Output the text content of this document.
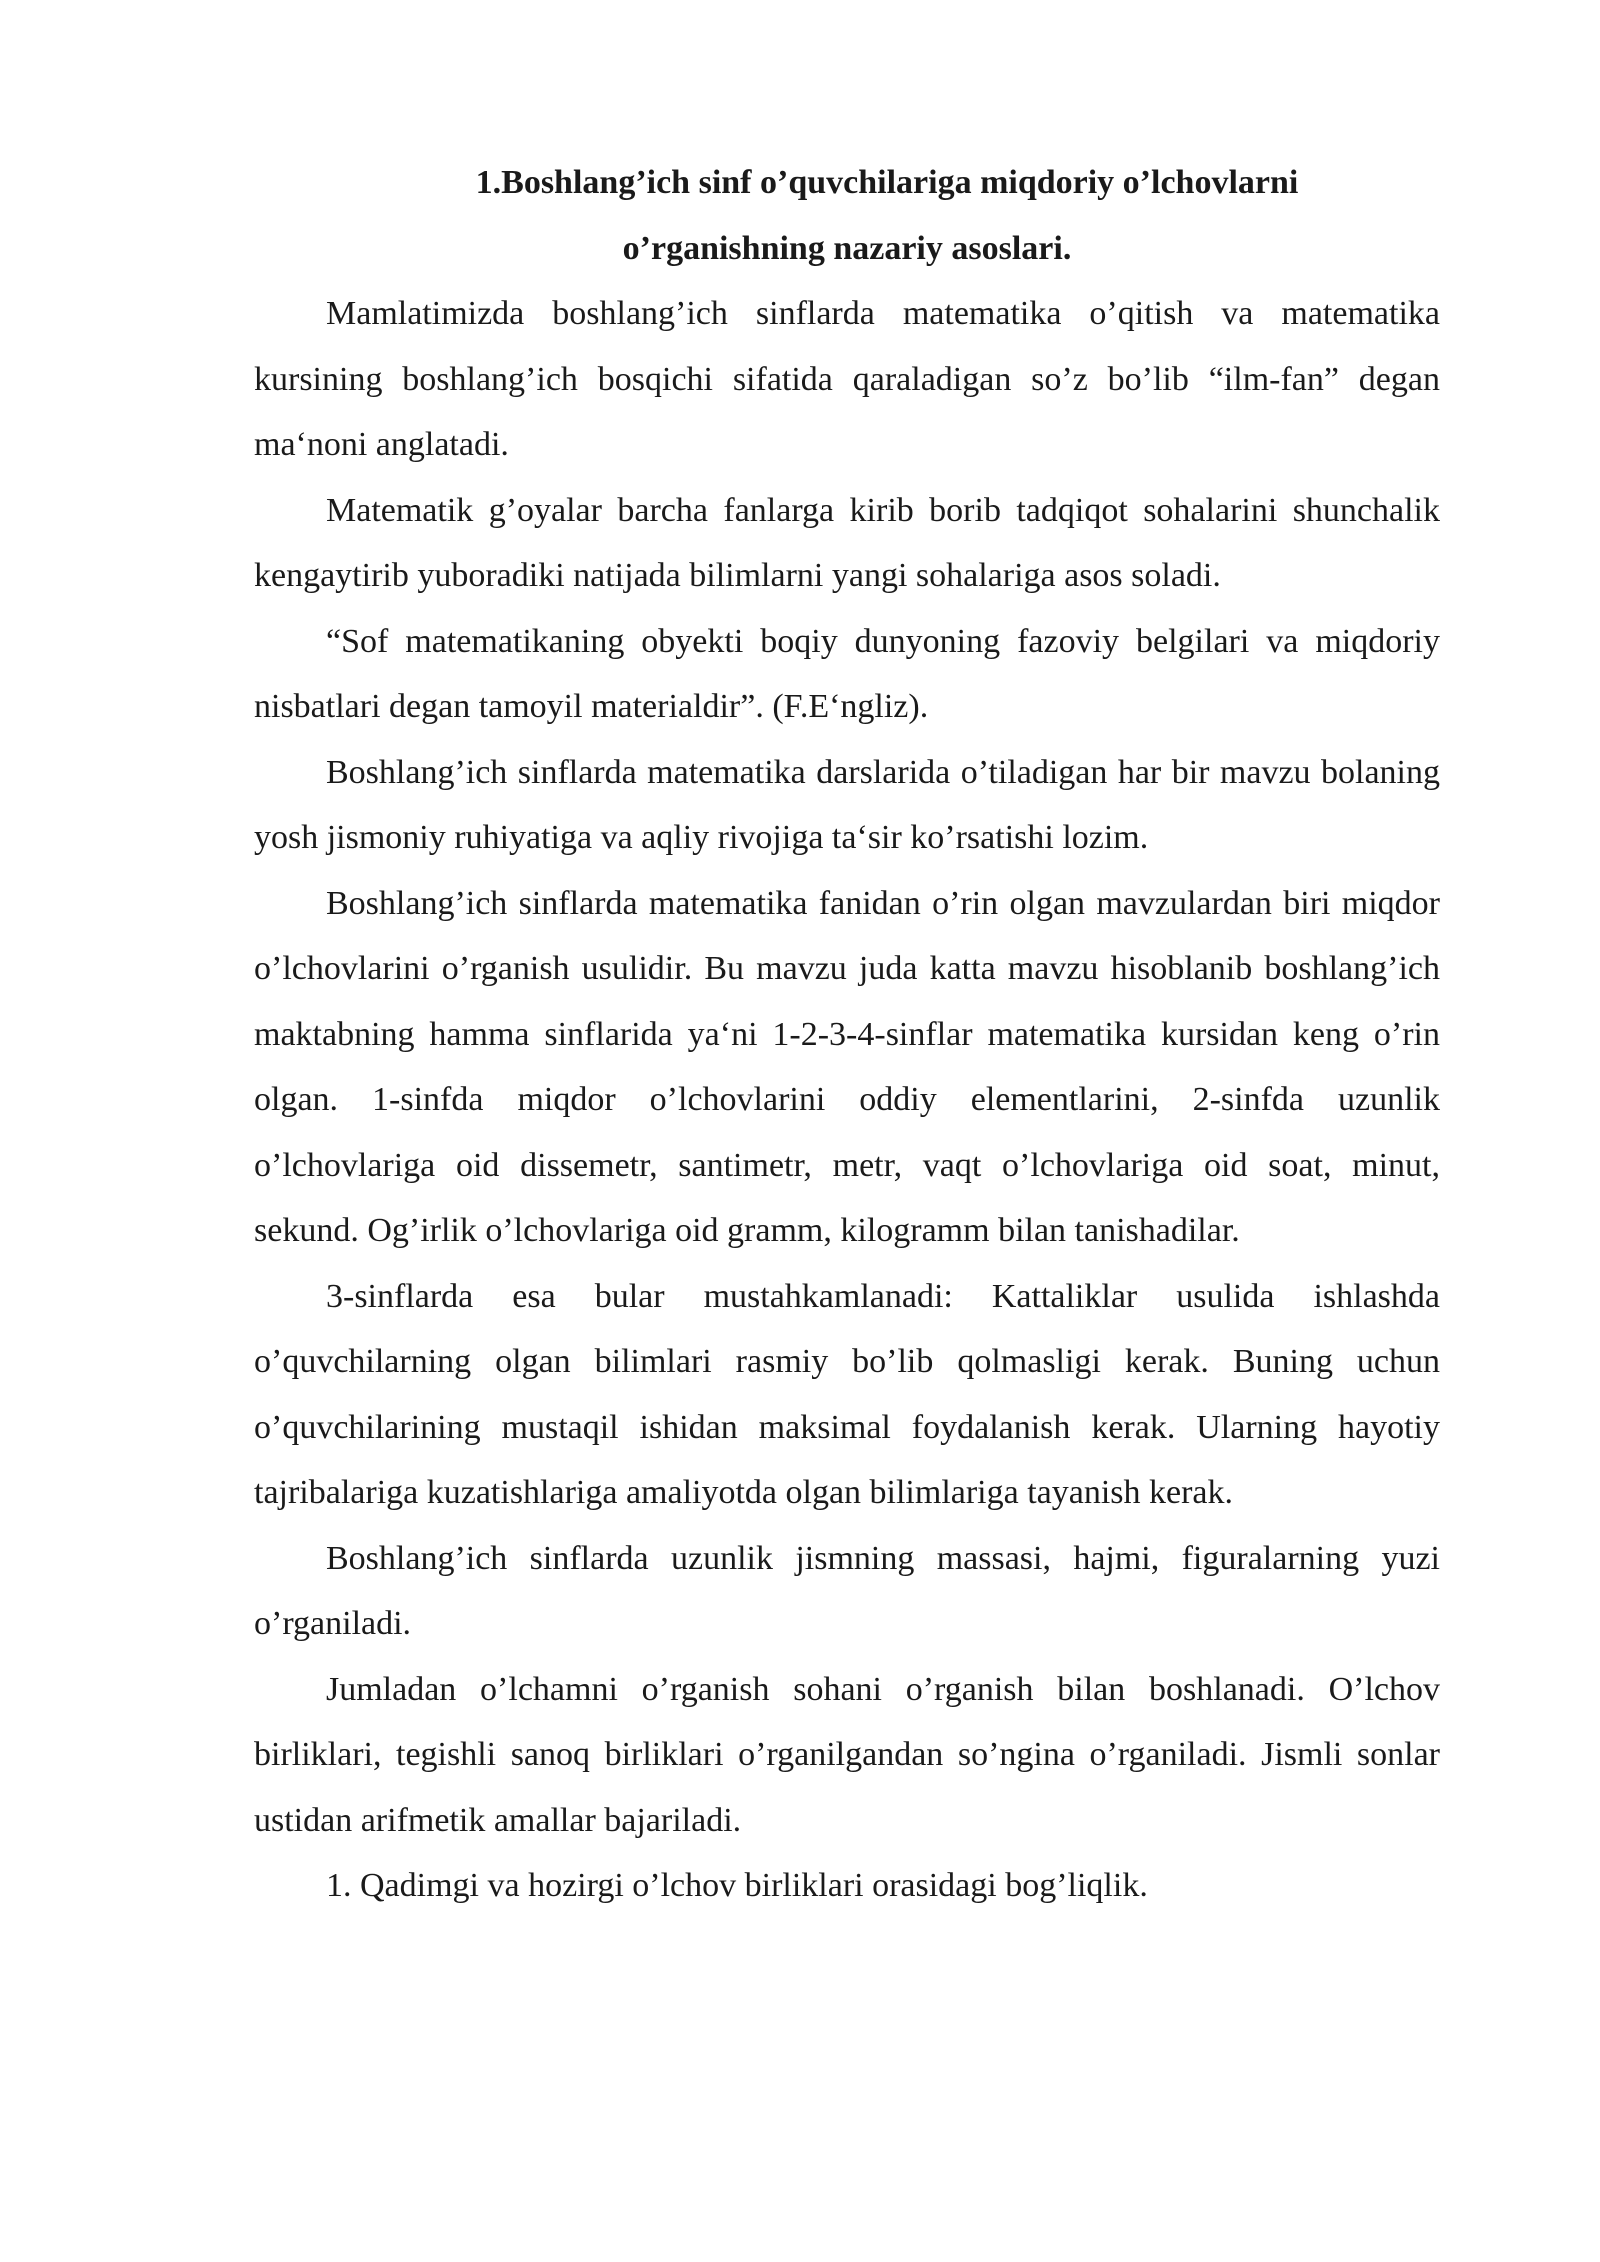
1.Boshlang’ich sinf o’quvchilariga miqdoriy o’lchovlarni
o’rganishning nazariy asoslari.

Mamlatimizda boshlang’ich sinflarda matematika o’qitish va matematika kursining boshlang’ich bosqichi sifatida qaraladigan so’z bo’lib “ilm-fan” degan ma‘noni anglatadi.

Matematik g’oyalar barcha fanlarga kirib borib tadqiqot sohalarini shunchalik kengaytirib yuboradiki natijada bilimlarni yangi sohalariga asos soladi.

“Sof matematikaning obyekti boqiy dunyoning fazoviy belgilari va miqdoriy nisbatlari degan tamoyil materialdir”. (F.E‘ngliz).

Boshlang’ich sinflarda matematika darslarida o’tiladigan har bir mavzu bolaning yosh jismoniy ruhiyatiga va aqliy rivojiga ta‘sir ko’rsatishi lozim.

Boshlang’ich sinflarda matematika fanidan o’rin olgan mavzulardan biri miqdor o’lchovlarini o’rganish usulidir. Bu mavzu juda katta mavzu hisoblanib boshlang’ich maktabning hamma sinflarida ya‘ni 1-2-3-4-sinflar matematika kursidan keng o’rin olgan. 1-sinfda miqdor o’lchovlarini oddiy elementlarini, 2-sinfda uzunlik o’lchovlariga oid dissemetr, santimetr, metr, vaqt o’lchovlariga oid soat, minut, sekund. Og’irlik o’lchovlariga oid gramm, kilogramm bilan tanishadilar.

3-sinflarda esa bular mustahkamlanadi: Kattaliklar usulida ishlashda o’quvchilarning olgan bilimlari rasmiy bo’lib qolmasligi kerak. Buning uchun o’quvchilarining mustaqil ishidan maksimal foydalanish kerak. Ularning hayotiy tajribalariga kuzatishlariga amaliyotda olgan bilimlariga tayanish kerak.

Boshlang’ich sinflarda uzunlik jismning massasi, hajmi, figuralarning yuzi o’rganiladi.

Jumladan o’lchamni o’rganish sohani o’rganish bilan boshlanadi. O’lchov birliklari, tegishli sanoq birliklari o’rganilgandan so’ngina o’rganiladi. Jismli sonlar ustidan arifmetik amallar bajariladi.

1. Qadimgi va hozirgi o’lchov birliklari orasidagi bog’liqlik.
